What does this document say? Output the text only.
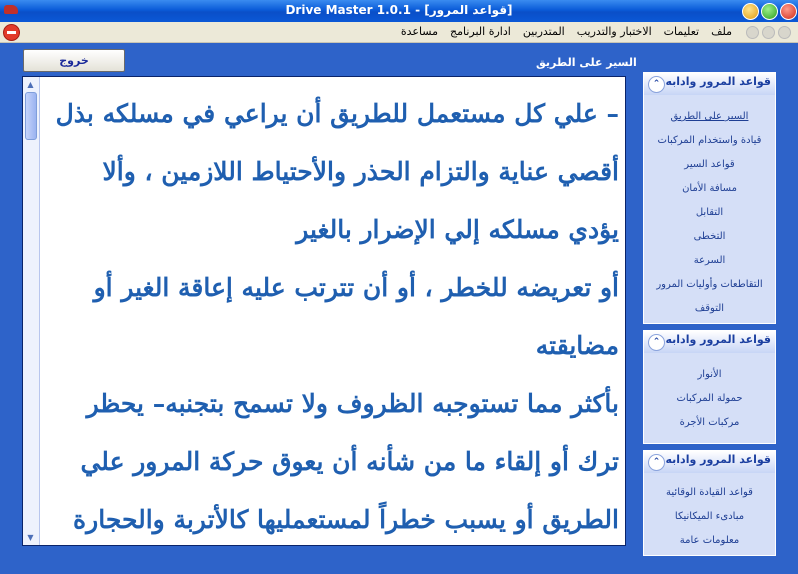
Drive Master 1.0.1 - [قواعد المرور]
ملف
تعليمات
الاختبار والتدريب
المتدربين
ادارة البرنامج
مساعدة
خروج	السير على الطريق
▲
▼
– علي كل مستعمل للطريق أن يراعي في مسلكه بذل
أقصي عناية والتزام الحذر والأحتياط اللازمين ، وألا
يؤدي مسلكه إلي الإضرار بالغير
أو تعريضه للخطر ، أو أن تترتب عليه إعاقة الغير أو
مضايقته
بأكثر مما تستوجبه الظروف ولا تسمح بتجنبه– يحظر
ترك أو إلقاء ما من شأنه أن يعوق حركة المرور علي
الطريق أو يسبب خطراً لمستعمليها كالأتربة والحجارة
⌃ قواعد المرور وادابه
السير على الطريق
قيادة واستخدام المركبات
قواعد السير
مسافة الأمان
التقابل
التخطى
السرعة
التقاطعات وأوليات المرور
التوقف
⌃ قواعد المرور وادابه
الأنوار
حمولة المركبات
مركبات الأجرة
⌃ قواعد المرور وادابه
قواعد القيادة الوقائية
مبادىء الميكانيكا
معلومات عامة
